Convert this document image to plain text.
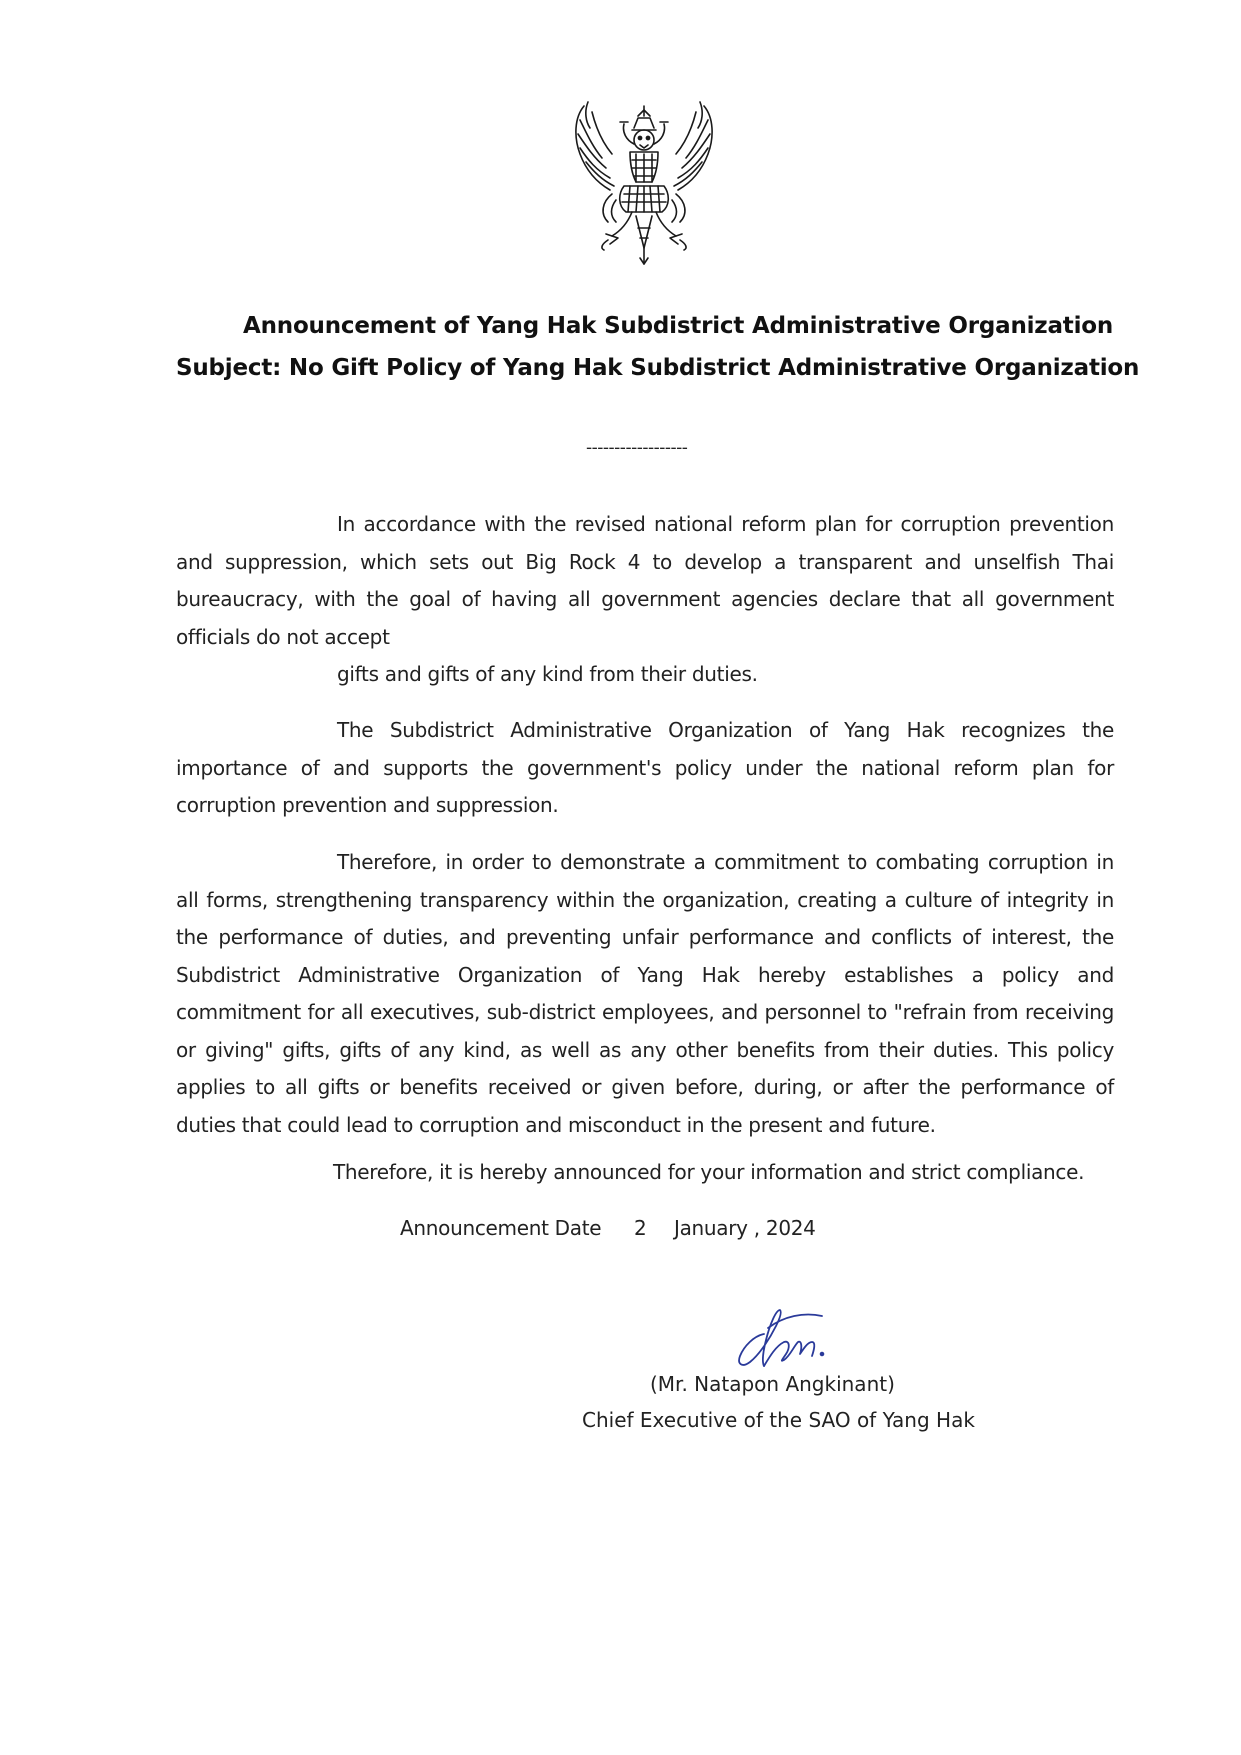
Announcement of Yang Hak Subdistrict Administrative Organization
Subject: No Gift Policy of Yang Hak Subdistrict Administrative Organization
------------------
In accordance with the revised national reform plan for corruption prevention and suppression, which sets out Big Rock 4 to develop a transparent and unselfish Thai bureaucracy, with the goal of having all government agencies declare that all government officials do not accept
gifts and gifts of any kind from their duties.
The Subdistrict Administrative Organization of Yang Hak recognizes the importance of and supports the government's policy under the national reform plan for corruption prevention and suppression.
Therefore, in order to demonstrate a commitment to combating corruption in all forms, strengthening transparency within the organization, creating a culture of integrity in the performance of duties, and preventing unfair performance and conflicts of interest, the Subdistrict Administrative Organization of Yang Hak hereby establishes a policy and commitment for all executives, sub-district employees, and personnel to "refrain from receiving or giving" gifts, gifts of any kind, as well as any other benefits from their duties. This policy applies to all gifts or benefits received or given before, during, or after the performance of duties that could lead to corruption and misconduct in the present and future.
Therefore, it is hereby announced for your information and strict compliance.
Announcement Date 2 January , 2024
(Mr. Natapon Angkinant)
Chief Executive of the SAO of Yang Hak
